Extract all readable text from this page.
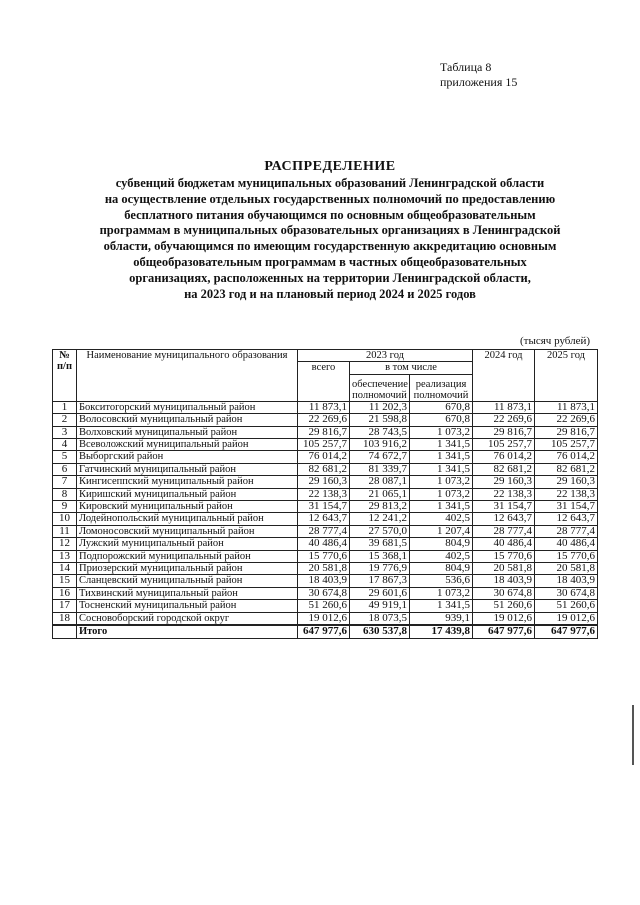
Таблица 8
приложения 15
РАСПРЕДЕЛЕНИЕ
субвенций бюджетам муниципальных образований Ленинградской области
на осуществление отдельных государственных полномочий по предоставлению
бесплатного питания обучающимся по основным общеобразовательным
программам в муниципальных образовательных организациях в Ленинградской
области, обучающимся по имеющим государственную аккредитацию основным
общеобразовательным программам в частных общеобразовательных
организациях, расположенных на территории Ленинградской области,
на 2023 год и на плановый период 2024 и 2025 годов
(тысяч рублей)
№ п/п	Наименование муниципального образования	2023 год			2024 год	2025 год
		всего	в том числе			
			обеспечение полномочий	реализация полномочий		
1	Бокситогорский муниципальный район	11 873,1	11 202,3	670,8	11 873,1	11 873,1
2	Волосовский муниципальный район	22 269,6	21 598,8	670,8	22 269,6	22 269,6
3	Волховский муниципальный район	29 816,7	28 743,5	1 073,2	29 816,7	29 816,7
4	Всеволожский муниципальный район	105 257,7	103 916,2	1 341,5	105 257,7	105 257,7
5	Выборгский район	76 014,2	74 672,7	1 341,5	76 014,2	76 014,2
6	Гатчинский муниципальный район	82 681,2	81 339,7	1 341,5	82 681,2	82 681,2
7	Кингисеппский муниципальный район	29 160,3	28 087,1	1 073,2	29 160,3	29 160,3
8	Киришский муниципальный район	22 138,3	21 065,1	1 073,2	22 138,3	22 138,3
9	Кировский муниципальный район	31 154,7	29 813,2	1 341,5	31 154,7	31 154,7
10	Лодейнопольский муниципальный район	12 643,7	12 241,2	402,5	12 643,7	12 643,7
11	Ломоносовский муниципальный район	28 777,4	27 570,0	1 207,4	28 777,4	28 777,4
12	Лужский муниципальный район	40 486,4	39 681,5	804,9	40 486,4	40 486,4
13	Подпорожский муниципальный район	15 770,6	15 368,1	402,5	15 770,6	15 770,6
14	Приозерский муниципальный район	20 581,8	19 776,9	804,9	20 581,8	20 581,8
15	Сланцевский муниципальный район	18 403,9	17 867,3	536,6	18 403,9	18 403,9
16	Тихвинский муниципальный район	30 674,8	29 601,6	1 073,2	30 674,8	30 674,8
17	Тосненский муниципальный район	51 260,6	49 919,1	1 341,5	51 260,6	51 260,6
18	Сосновоборский городской округ	19 012,6	18 073,5	939,1	19 012,6	19 012,6
	Итого	647 977,6	630 537,8	17 439,8	647 977,6	647 977,6
